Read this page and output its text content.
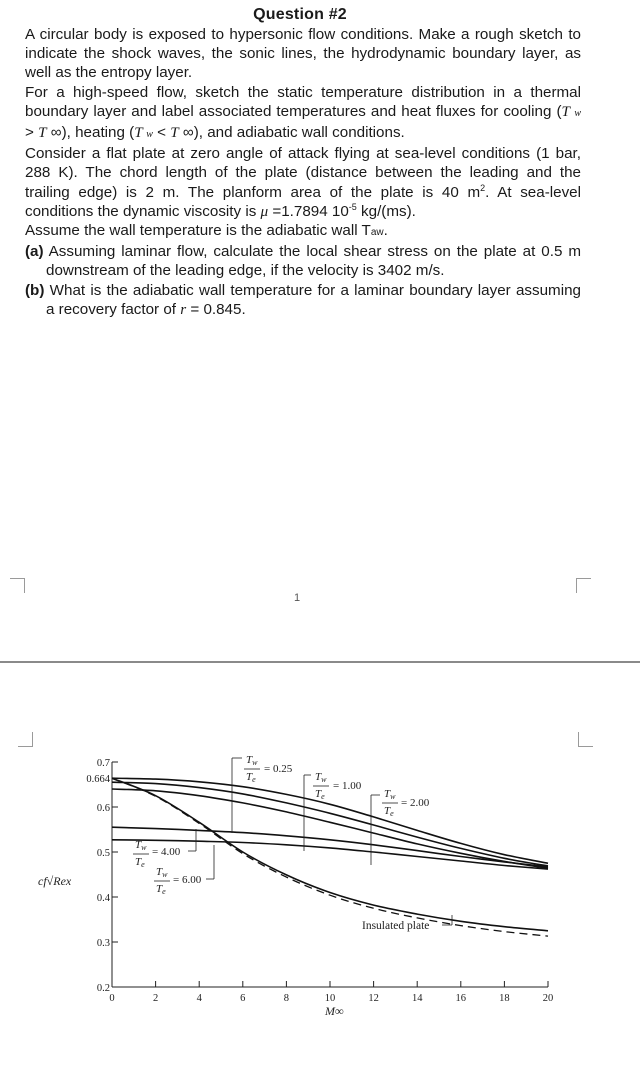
Question #2

A circular body is exposed to hypersonic flow conditions. Make a rough sketch to indicate the shock waves, the sonic lines, the hydrodynamic boundary layer, as well as the entropy layer.

For a high-speed flow, sketch the static temperature distribution in a thermal boundary layer and label associated temperatures and heat fluxes for cooling (T w > T ∞), heating (T w < T ∞), and adiabatic wall conditions.

Consider a flat plate at zero angle of attack flying at sea-level conditions (1 bar, 288 K). The chord length of the plate (distance between the leading and the trailing edge) is 2 m. The planform area of the plate is 40 $m^2$. At sea-level conditions the dynamic viscosity is μ =1.7894 $10^{-5}$ kg/(ms).

Assume the wall temperature is the adiabatic wall Taw.

(a) Assuming laminar flow, calculate the local shear stress on the plate at 0.5 m downstream of the leading edge, if the velocity is 3402 m/s.

(b) What is the adiabatic wall temperature for a laminar boundary layer assuming a recovery factor of r = 0.845.

1
0.2
0.3
0.4
0.5
0.6
0.664
0.7
0	2	4	6	8	10	12	14	16	18	20
cf√Rex
M∞
Tw
Te
= 0.25
Tw
Te
= 1.00
Tw
Te
= 2.00
Tw
Te
= 4.00
Tw
Te
= 6.00
Insulated plate
